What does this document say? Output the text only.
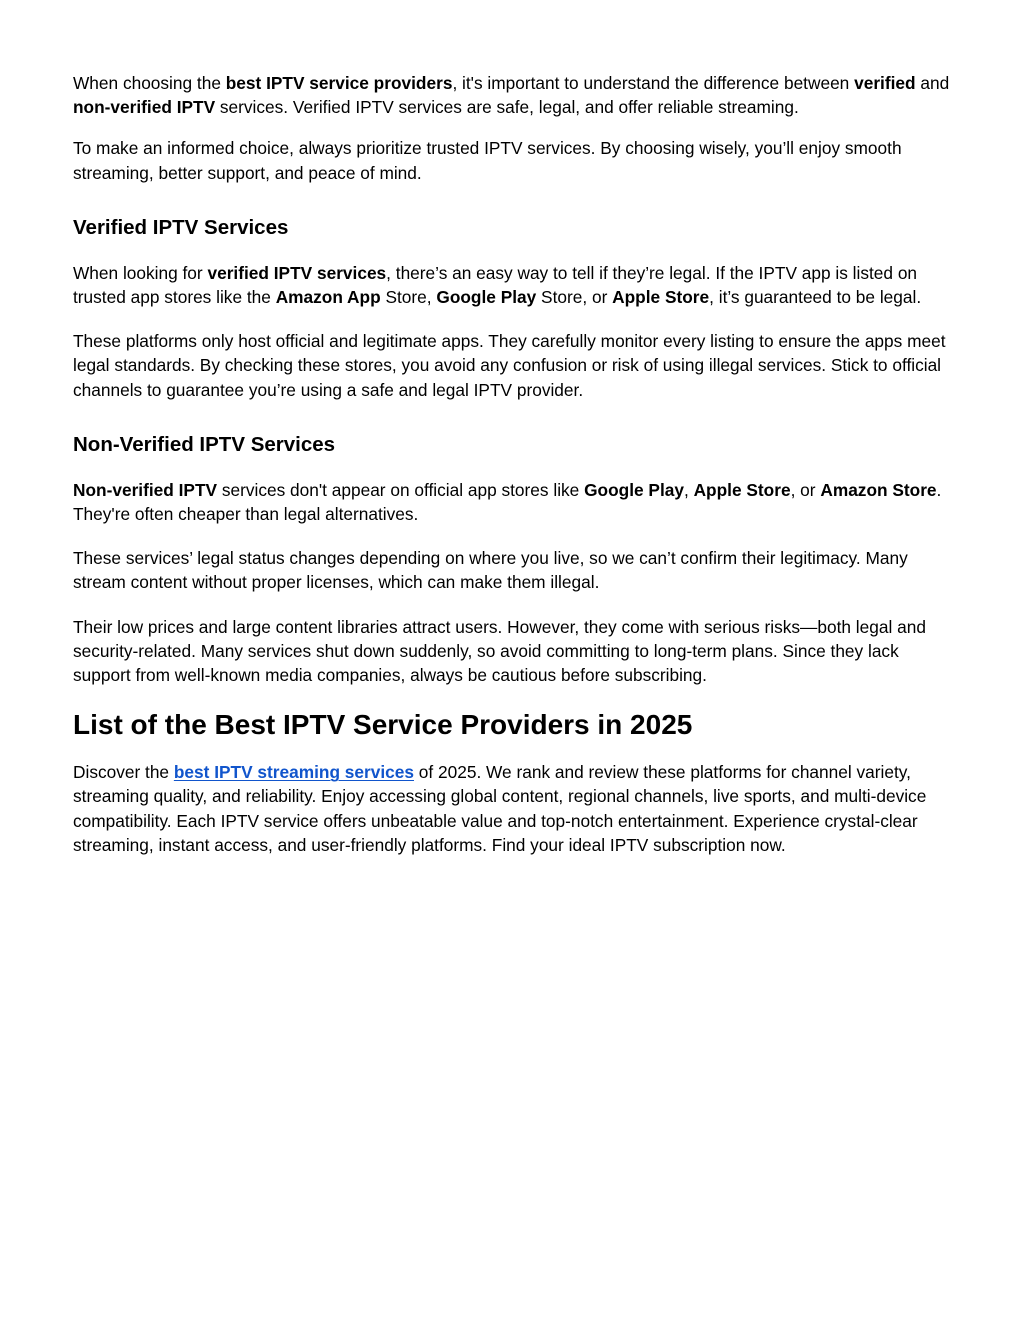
When choosing the best IPTV service providers, it's important to understand the difference between verified and non-verified IPTV services. Verified IPTV services are safe, legal, and offer reliable streaming.

To make an informed choice, always prioritize trusted IPTV services. By choosing wisely, you’ll enjoy smooth streaming, better support, and peace of mind.

Verified IPTV Services

When looking for verified IPTV services, there’s an easy way to tell if they’re legal. If the IPTV app is listed on trusted app stores like the Amazon App Store, Google Play Store, or Apple Store, it’s guaranteed to be legal.

These platforms only host official and legitimate apps. They carefully monitor every listing to ensure the apps meet legal standards. By checking these stores, you avoid any confusion or risk of using illegal services. Stick to official channels to guarantee you’re using a safe and legal IPTV provider.

Non-Verified IPTV Services

Non-verified IPTV services don't appear on official app stores like Google Play, Apple Store, or Amazon Store. They're often cheaper than legal alternatives.

These services’ legal status changes depending on where you live, so we can’t confirm their legitimacy. Many stream content without proper licenses, which can make them illegal.

Their low prices and large content libraries attract users. However, they come with serious risks—both legal and security-related. Many services shut down suddenly, so avoid committing to long-term plans. Since they lack support from well-known media companies, always be cautious before subscribing.

List of the Best IPTV Service Providers in 2025

Discover the best IPTV streaming services of 2025. We rank and review these platforms for channel variety, streaming quality, and reliability. Enjoy accessing global content, regional channels, live sports, and multi-device compatibility. Each IPTV service offers unbeatable value and top-notch entertainment. Experience crystal-clear streaming, instant access, and user-friendly platforms. Find your ideal IPTV subscription now.
